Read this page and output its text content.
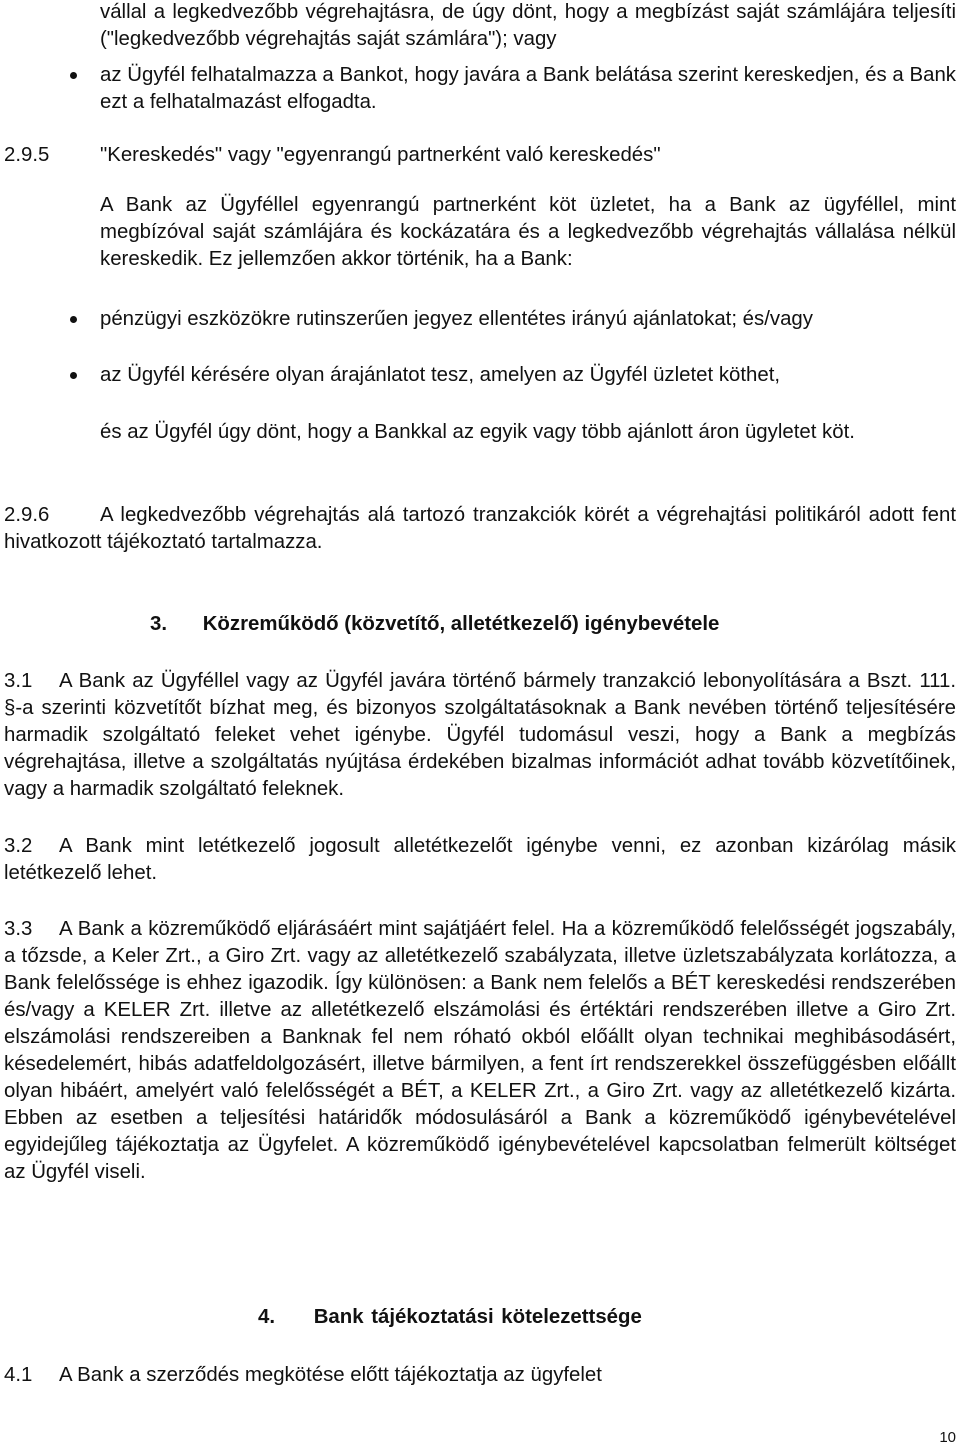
vállal a legkedvezőbb végrehajtásra, de úgy dönt, hogy a megbízást saját számlájára teljesíti ("legkedvezőbb végrehajtás saját számlára"); vagy

az Ügyfél felhatalmazza a Bankot, hogy javára a Bank belátása szerint kereskedjen, és a Bank ezt a felhatalmazást elfogadta.

2.9.5 "Kereskedés" vagy "egyenrangú partnerként való kereskedés"

A Bank az Ügyféllel egyenrangú partnerként köt üzletet, ha a Bank az ügyféllel, mint megbízóval saját számlájára és kockázatára és a legkedvezőbb végrehajtás vállalása nélkül kereskedik. Ez jellemzően akkor történik, ha a Bank:

pénzügyi eszközökre rutinszerűen jegyez ellentétes irányú ajánlatokat; és/vagy

az Ügyfél kérésére olyan árajánlatot tesz, amelyen az Ügyfél üzletet köthet,

és az Ügyfél úgy dönt, hogy a Bankkal az egyik vagy több ajánlott áron ügyletet köt.

2.9.6 A legkedvezőbb végrehajtás alá tartozó tranzakciók körét a végrehajtási politikáról adott fent hivatkozott tájékoztató tartalmazza.

3. Közreműködő (közvetítő, alletétkezelő) igénybevétele

3.1 A Bank az Ügyféllel vagy az Ügyfél javára történő bármely tranzakció lebonyolítására a Bszt. 111. §-a szerinti közvetítőt bízhat meg, és bizonyos szolgáltatásoknak a Bank nevében történő teljesítésére harmadik szolgáltató feleket vehet igénybe. Ügyfél tudomásul veszi, hogy a Bank a megbízás végrehajtása, illetve a szolgáltatás nyújtása érdekében bizalmas információt adhat tovább közvetítőinek, vagy a harmadik szolgáltató feleknek.

3.2 A Bank mint letétkezelő jogosult alletétkezelőt igénybe venni, ez azonban kizárólag másik letétkezelő lehet.

3.3 A Bank a közreműködő eljárásáért mint sajátjáért felel. Ha a közreműködő felelősségét jogszabály, a tőzsde, a Keler Zrt., a Giro Zrt. vagy az alletétkezelő szabályzata, illetve üzletszabályzata korlátozza, a Bank felelőssége is ehhez igazodik. Így különösen: a Bank nem felelős a BÉT kereskedési rendszerében és/vagy a KELER Zrt. illetve az alletétkezelő elszámolási és értéktári rendszerében illetve a Giro Zrt. elszámolási rendszereiben a Banknak fel nem róható okból előállt olyan technikai meghibásodásért, késedelemért, hibás adatfeldolgozásért, illetve bármilyen, a fent írt rendszerekkel összefüggésben előállt olyan hibáért, amelyért való felelősségét a BÉT, a KELER Zrt., a Giro Zrt. vagy az alletétkezelő kizárta. Ebben az esetben a teljesítési határidők módosulásáról a Bank a közreműködő igénybevételével egyidejűleg tájékoztatja az Ügyfelet. A közreműködő igénybevételével kapcsolatban felmerült költséget az Ügyfél viseli.

4. Bank tájékoztatási kötelezettsége

4.1 A Bank a szerződés megkötése előtt tájékoztatja az ügyfelet

10
